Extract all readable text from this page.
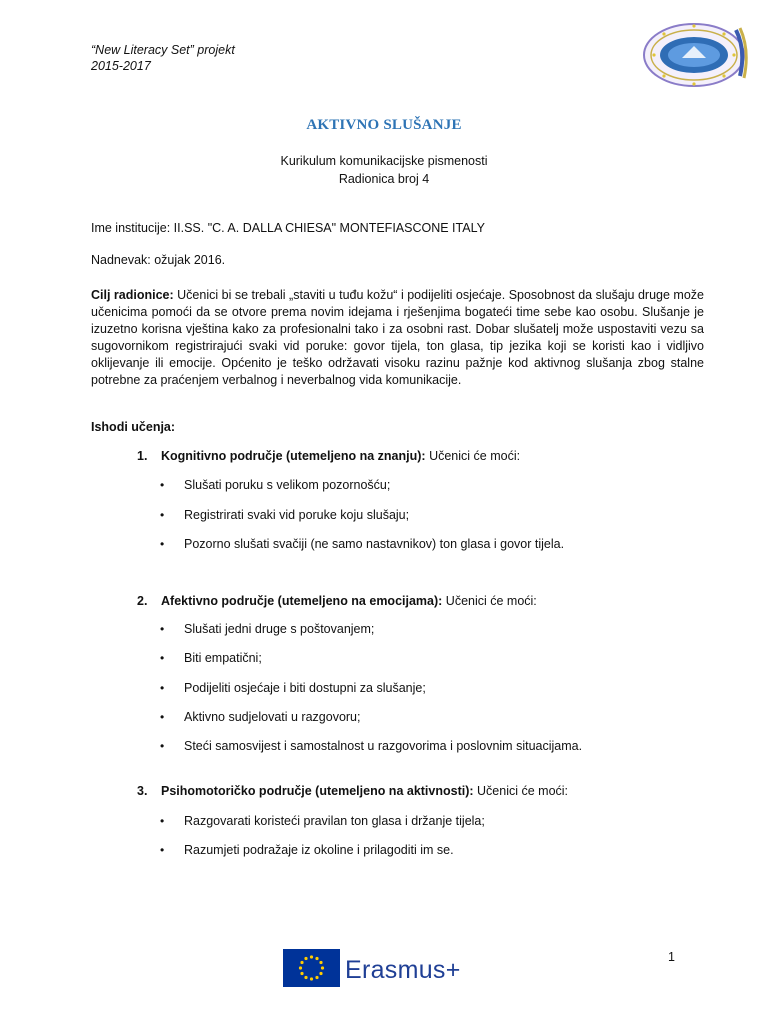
“New Literacy Set” projekt
2015-2017
AKTIVNO SLUŠANJE
Kurikulum komunikacijske pismenosti
Radionica broj 4
Ime institucije: II.SS. "C. A. DALLA CHIESA" MONTEFIASCONE ITALY
Nadnevak: ožujak 2016.
Cilj radionice: Učenici bi se trebali „staviti u tuđu kožu“ i podijeliti osjećaje. Sposobnost da slušaju druge može učenicima pomoći da se otvore prema novim idejama i rješenjima bogateći time sebe kao osobu. Slušanje je izuzetno korisna vještina kako za profesionalni tako i za osobni rast. Dobar slušatelj može uspostaviti vezu sa sugovornikom registrirajući svaki vid poruke: govor tijela, ton glasa, tip jezika koji se koristi kao i vidljivo oklijevanje ili emocije. Općenito je teško održavati visoku razinu pažnje kod aktivnog slušanja zbog stalne potrebne za praćenjem verbalnog i neverbalnog vida komunikacije.
Ishodi učenja:
1. Kognitivno područje (utemeljeno na znanju): Učenici će moći:
• Slušati poruku s velikom pozornošću;
• Registrirati svaki vid poruke koju slušaju;
• Pozorno slušati svačiji (ne samo nastavnikov) ton glasa i govor tijela.
2. Afektivno područje (utemeljeno na emocijama): Učenici će moći:
• Slušati jedni druge s poštovanjem;
• Biti empatični;
• Podijeliti osjećaje i biti dostupni za slušanje;
• Aktivno sudjelovati u razgovoru;
• Steći samosvijest i samostalnost u razgovorima i poslovnim situacijama.
3. Psihomotoričko područje (utemeljeno na aktivnosti): Učenici će moći:
• Razgovarati koristeći pravilan ton glasa i držanje tijela;
• Razumjeti podražaje iz okoline i prilagoditi im se.
Erasmus+	1
